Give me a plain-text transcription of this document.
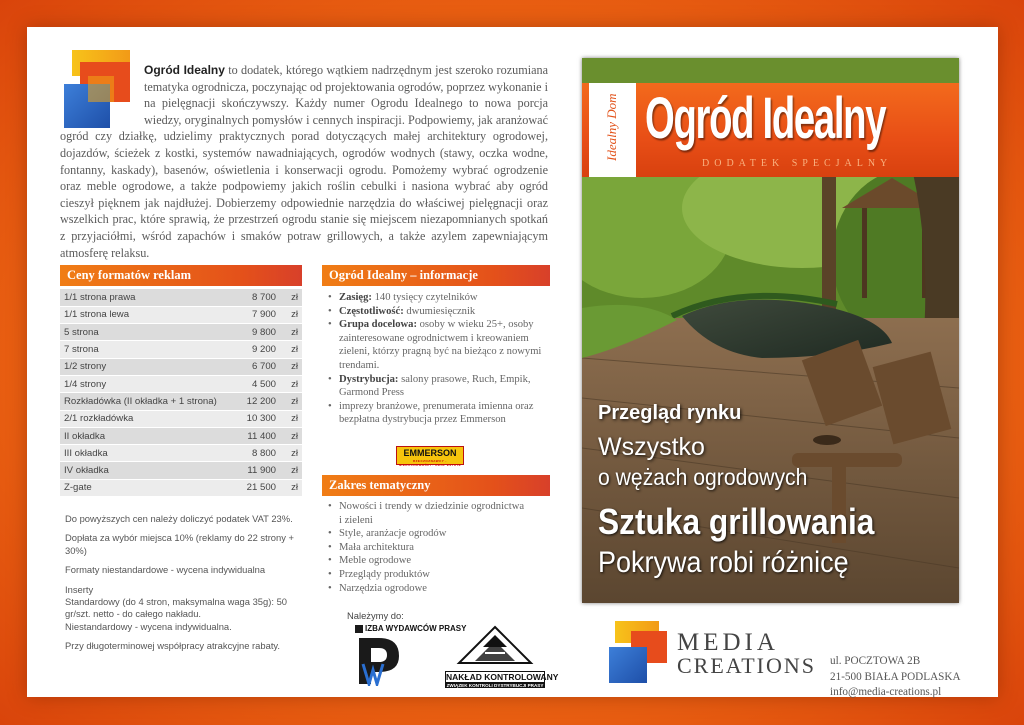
Ogród Idealny to dodatek, którego wątkiem nadrzędnym jest szeroko rozumiana tematyka ogrodnicza, poczynając od projektowania ogrodów, poprzez wykonanie i na pielęgnacji skończywszy. Każdy numer Ogrodu Idealnego to nowa porcja wiedzy, oryginalnych pomysłów i cennych inspiracji. Podpowiemy, jak aranżować ogród czy działkę, udzielimy praktycznych porad dotyczących małej architektury ogrodowej, dojazdów, ścieżek z kostki, systemów nawadniających, ogrodów wodnych (stawy, oczka wodne, fontanny, kaskady), basenów, oświetlenia i konserwacji ogrodu. Pomożemy wybrać ogrodzenie oraz meble ogrodowe, a także podpowiemy jakich roślin cebulki i nasiona wybrać aby ogród cieszył pięknem jak najdłużej. Dobierzemy odpowiednie narzędzia do właściwej pielęgnacji oraz wszelkich prac, które sprawią, że przestrzeń ogrodu stanie się miejscem niezapomnianych spotkań z przyjaciółmi, wśród zapachów i smaków potraw grillowych, a także azylem zapewniającym atmosferę relaksu.
Ceny formatów reklam
1/1 strona prawa	8 700	zł
1/1 strona lewa	7 900	zł
5 strona	9 800	zł
7 strona	9 200	zł
1/2 strony	6 700	zł
1/4 strony	4 500	zł
Rozkładówka (II okładka + 1 strona)	12 200	zł
2/1 rozkładówka	10 300	zł
II okładka	11 400	zł
III okładka	8 800	zł
IV okładka	11 900	zł
Z-gate	21 500	zł

Do powyższych cen należy doliczyć podatek VAT 23%.

Dopłata za wybór miejsca 10% (reklamy do 22 strony + 30%)

Formaty niestandardowe - wycena indywidualna

Inserty
Standardowy (do 4 stron, maksymalna waga 35g): 50 gr/szt. netto - do całego nakładu.

Niestandardowy - wycena indywidualna.

Przy długoterminowej współpracy atrakcyjne rabaty.

Ogród Idealny – informacje
• Zasięg: 140 tysięcy czytelników
• Częstotliwość: dwumiesięcznik
• Grupa docelowa: osoby w wieku 25+, osoby zainteresowane ogrodnictwem i kreowaniem zieleni, którzy pragną być na bieżąco z nowymi trendami.
• Dystrybucja: salony prasowe, Ruch, Empik, Garmond Press
• imprezy branżowe, prenumerata imienna oraz bezpłatna dystrybucja przez Emmerson
EMMERSON
RZECZOZNAWCY · NIERUCHOMOŚCI · REAL ESTATE
Zakres tematyczny
• Nowości i trendy w dziedzinie ogrodnictwa i zieleni
• Style, aranżacje ogrodów
• Mała architektura
• Meble ogrodowe
• Przeglądy produktów
• Narzędzia ogrodowe
Należymy do:
IZBA WYDAWCÓW PRASY
NAKŁAD KONTROLOWANY
ZWIĄZEK KONTROLI DYSTRYBUCJI PRASY
Idealny Dom Ogród Idealny
DODATEK SPECJALNY
Przegląd rynku
Wszystko
o wężach ogrodowych
Sztuka grillowania
Pokrywa robi różnicę
MEDIA
CREATIONS ul. POCZTOWA 2B
21-500 BIAŁA PODLASKA
info@media-creations.pl
